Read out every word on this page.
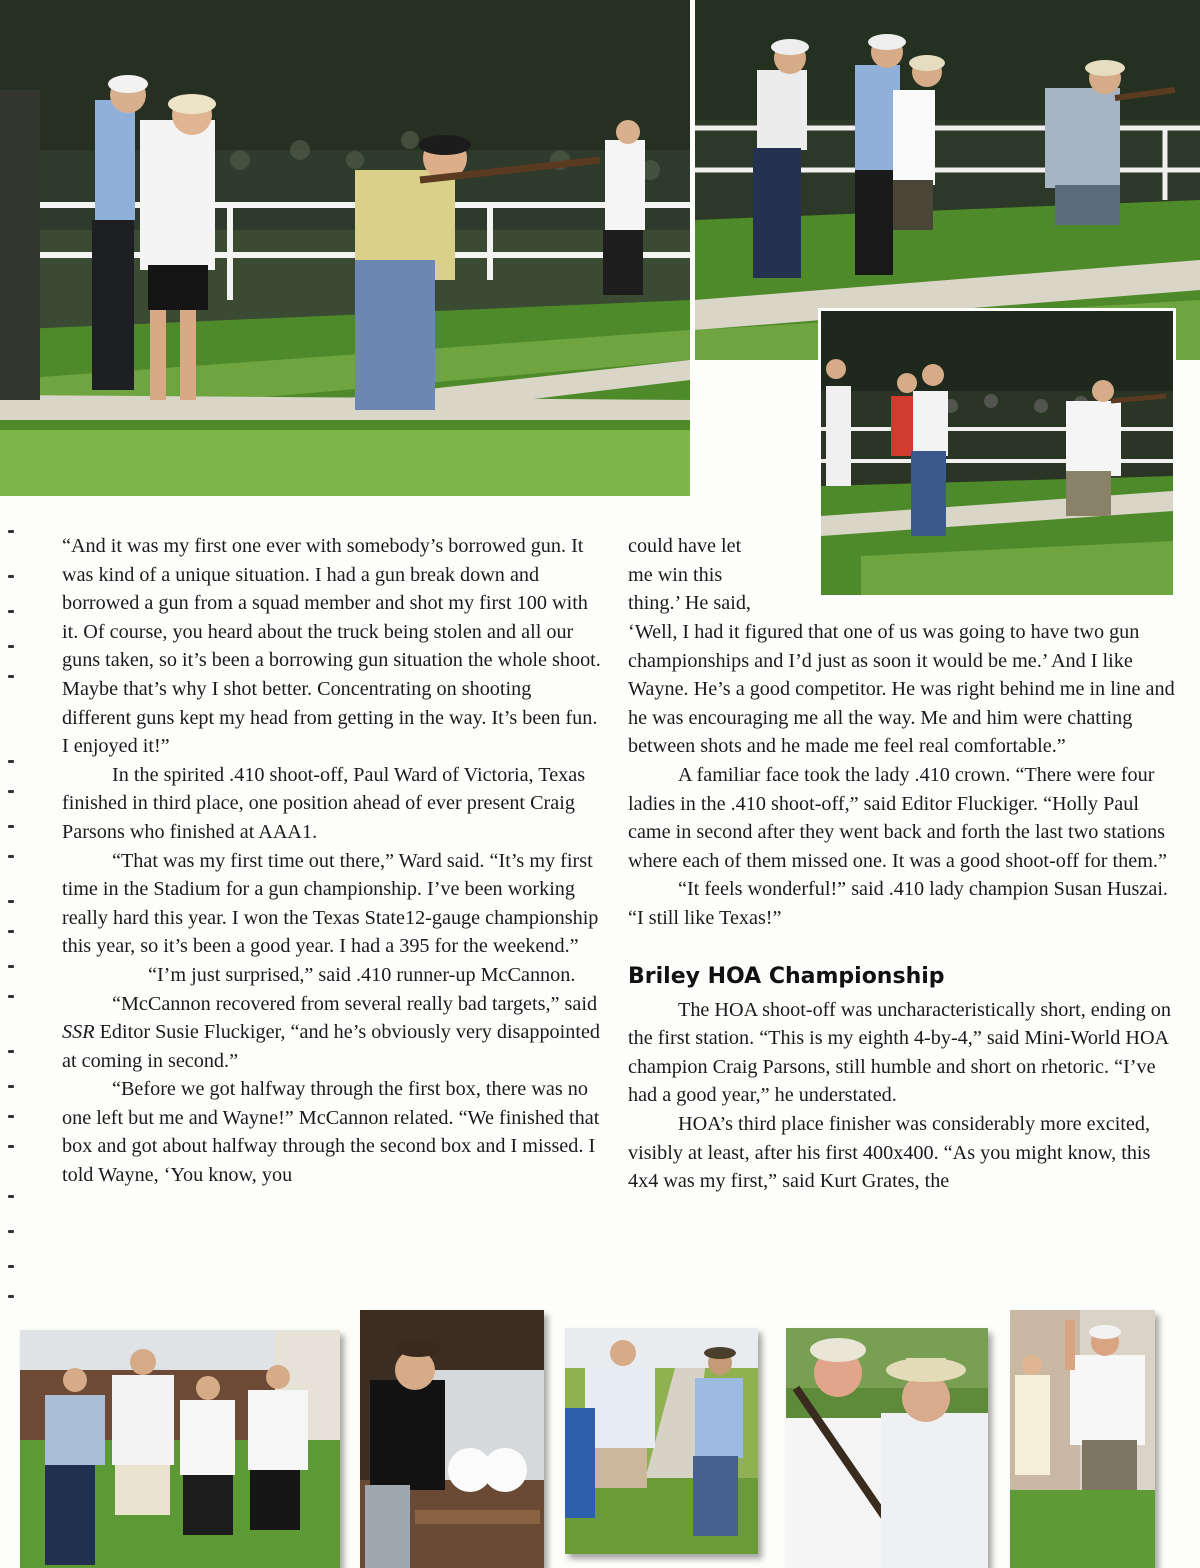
“And it was my first one ever with somebody’s borrowed gun. It was kind of a unique situation. I had a gun break down and borrowed a gun from a squad member and shot my first 100 with it. Of course, you heard about the truck being stolen and all our guns taken, so it’s been a borrowing gun situation the whole shoot. Maybe that’s why I shot better. Concentrating on shooting different guns kept my head from getting in the way. It’s been fun. I enjoyed it!”

In the spirited .410 shoot-off, Paul Ward of Victoria, Texas finished in third place, one position ahead of ever present Craig Parsons who finished at AAA1.

“That was my first time out there,” Ward said. “It’s my first time in the Stadium for a gun championship. I’ve been working really hard this year. I won the Texas State12-gauge championship this year, so it’s been a good year. I had a 395 for the weekend.”

“I’m just surprised,” said .410 runner-up McCannon.

“McCannon recovered from several really bad targets,” said SSR Editor Susie Fluckiger, “and he’s obviously very disappointed at coming in second.”

“Before we got halfway through the first box, there was no one left but me and Wayne!” McCannon related. “We finished that box and got about halfway through the second box and I missed. I told Wayne, ‘You know, you

could have let

me win this

thing.’ He said,

‘Well, I had it figured that one of us was going to have two gun championships and I’d just as soon it would be me.’ And I like Wayne. He’s a good competitor. He was right behind me in line and he was encouraging me all the way. Me and him were chatting between shots and he made me feel real comfortable.”

A familiar face took the lady .410 crown. “There were four ladies in the .410 shoot-off,” said Editor Fluckiger. “Holly Paul came in second after they went back and forth the last two stations where each of them missed one. It was a good shoot-off for them.”

“It feels wonderful!” said .410 lady champion Susan Huszai. “I still like Texas!”

Briley HOA Championship

The HOA shoot-off was uncharacteristically short, ending on the first station. “This is my eighth 4-by-4,” said Mini-World HOA champion Craig Parsons, still humble and short on rhetoric. “I’ve had a good year,” he understated.

HOA’s third place finisher was considerably more excited, visibly at least, after his first 400x400. “As you might know, this 4x4 was my first,” said Kurt Grates, the
